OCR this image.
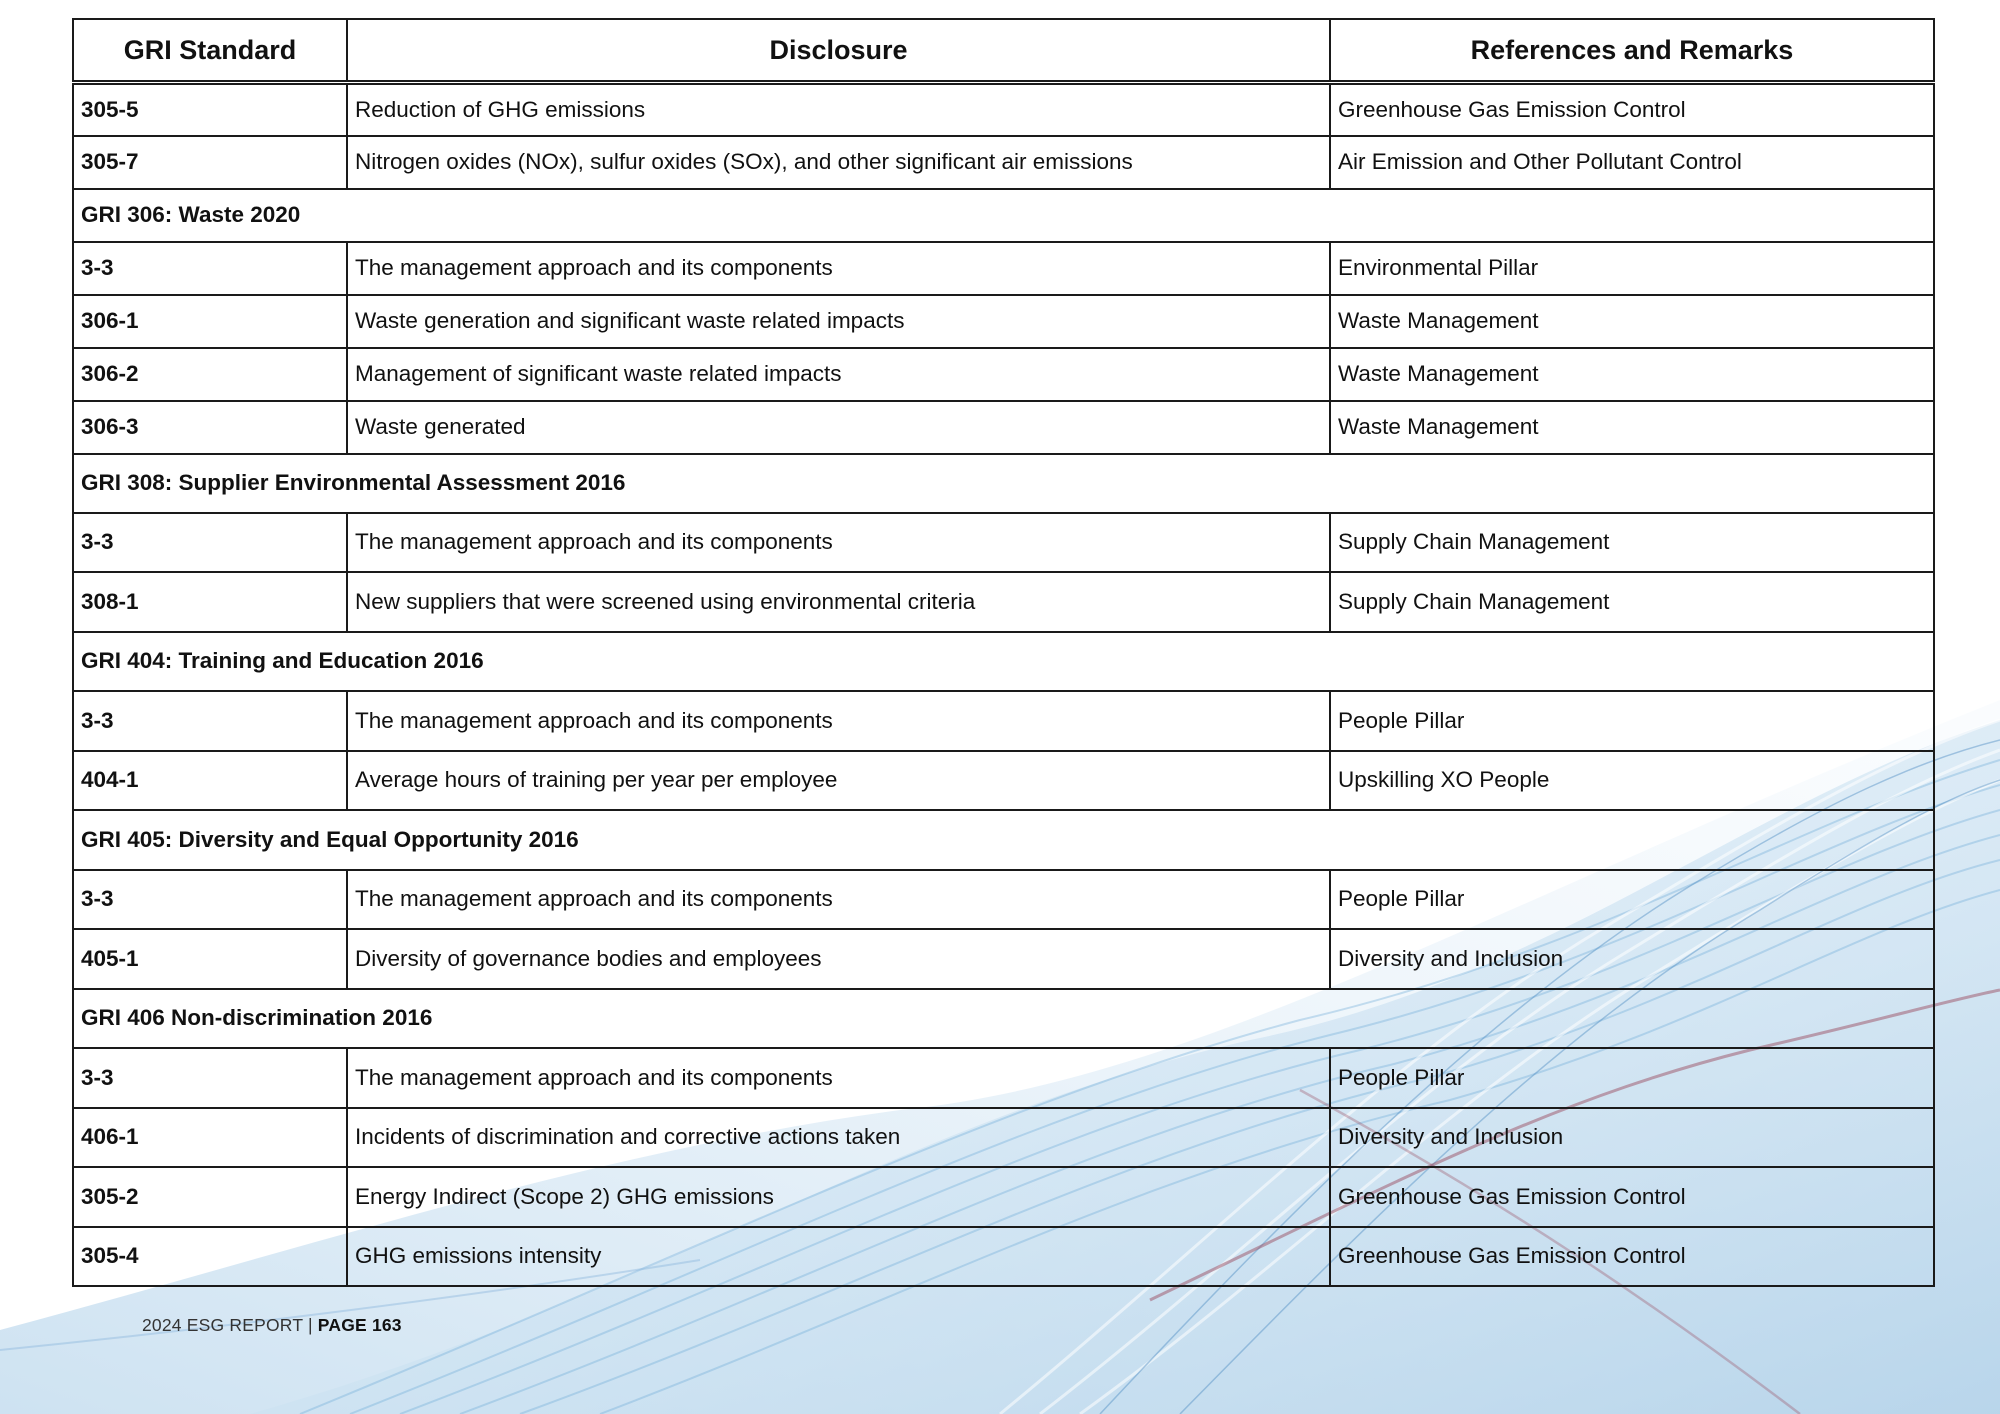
GRI Standard	Disclosure	References and Remarks
305-5	Reduction of GHG emissions	Greenhouse Gas Emission Control
305-7	Nitrogen oxides (NOx), sulfur oxides (SOx), and other significant air emissions	Air Emission and Other Pollutant Control
GRI 306: Waste 2020		
3-3	The management approach and its components	Environmental Pillar
306-1	Waste generation and significant waste related impacts	Waste Management
306-2	Management of significant waste related impacts	Waste Management
306-3	Waste generated	Waste Management
GRI 308: Supplier Environmental Assessment 2016		
3-3	The management approach and its components	Supply Chain Management
308-1	New suppliers that were screened using environmental criteria	Supply Chain Management
GRI 404: Training and Education 2016		
3-3	The management approach and its components	People Pillar
404-1	Average hours of training per year per employee	Upskilling XO People
GRI 405: Diversity and Equal Opportunity 2016		
3-3	The management approach and its components	People Pillar
405-1	Diversity of governance bodies and employees	Diversity and Inclusion
GRI 406 Non-discrimination 2016		
3-3	The management approach and its components	People Pillar
406-1	Incidents of discrimination and corrective actions taken	Diversity and Inclusion
305-2	Energy Indirect (Scope 2) GHG emissions	Greenhouse Gas Emission Control
305-4	GHG emissions intensity	Greenhouse Gas Emission Control
2024 ESG REPORT | PAGE 163
